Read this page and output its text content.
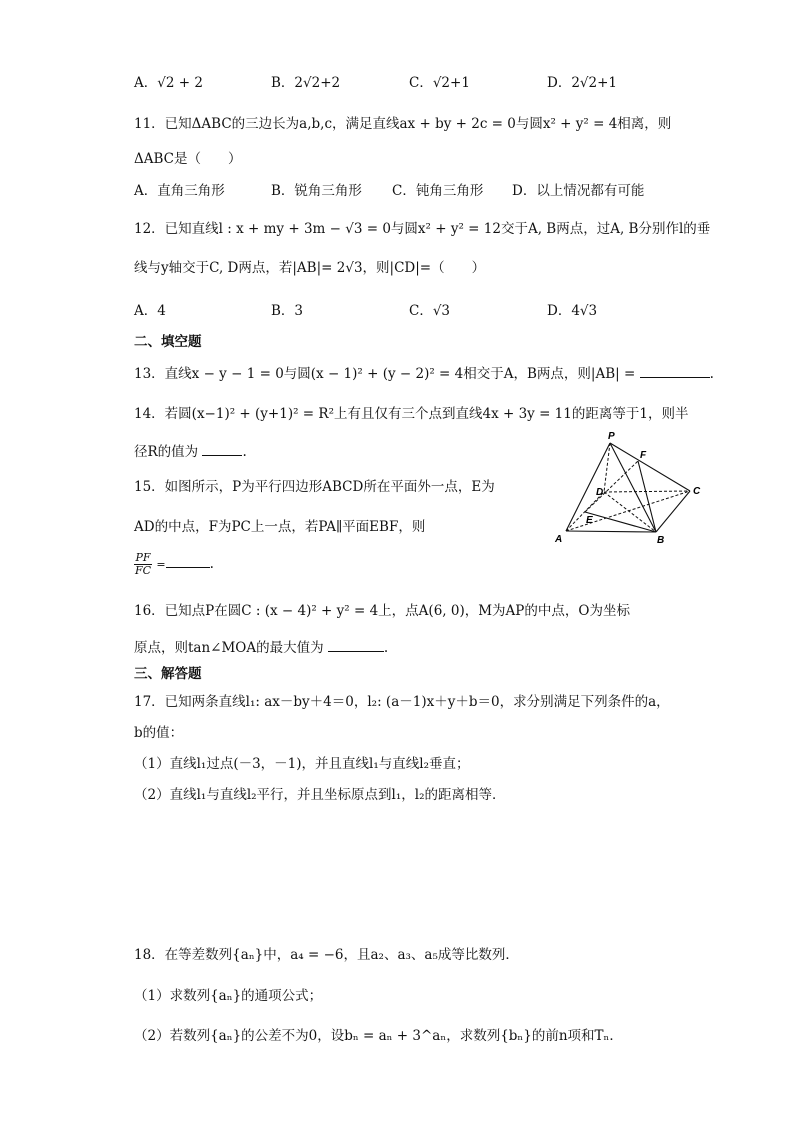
A．√2 + 2	B．2√2+2	C．√2+1	D．2√2+1
11．已知ΔABC的三边长为a,b,c，满足直线ax + by + 2c = 0与圆x² + y² = 4相离，则
ΔABC是（　　）
A．直角三角形	B．锐角三角形 C．钝角三角形 D．以上情况都有可能
12．已知直线l : x + my + 3m − √3 = 0与圆x² + y² = 12交于A, B两点，过A, B分别作l的垂
线与y轴交于C, D两点，若|AB|= 2√3，则|CD|=（　　）
A．4	B．3	C．√3	D．4√3
二、填空题
13．直线x − y − 1 = 0与圆(x − 1)² + (y − 2)² = 4相交于A，B两点，则|AB| =	.
14．若圆(x−1)² + (y+1)² = R²上有且仅有三个点到直线4x + 3y = 11的距离等于1，则半
径R的值为	.
15．如图所示，P为平行四边形ABCD所在平面外一点，E为
AD的中点，F为PC上一点，若PA∥平面EBF，则
$\frac{PF}{FC}$ =	.
P
F
D	C
E
A	B
16．已知点P在圆C : (x − 4)² + y² = 4上，点A(6, 0)，M为AP的中点，O为坐标
原点，则tan∠MOA的最大值为	.
三、解答题
17．已知两条直线l₁: ax－by＋4＝0，l₂: (a－1)x＋y＋b＝0，求分别满足下列条件的a，
b的值：
（1）直线l₁过点(－3，－1)，并且直线l₁与直线l₂垂直；
（2）直线l₁与直线l₂平行，并且坐标原点到l₁，l₂的距离相等．
18．在等差数列{aₙ}中，a₄ = −6，且a₂、a₃、a₅成等比数列．
（1）求数列{aₙ}的通项公式；
（2）若数列{aₙ}的公差不为0，设bₙ = aₙ + 3^aₙ，求数列{bₙ}的前n项和Tₙ．
